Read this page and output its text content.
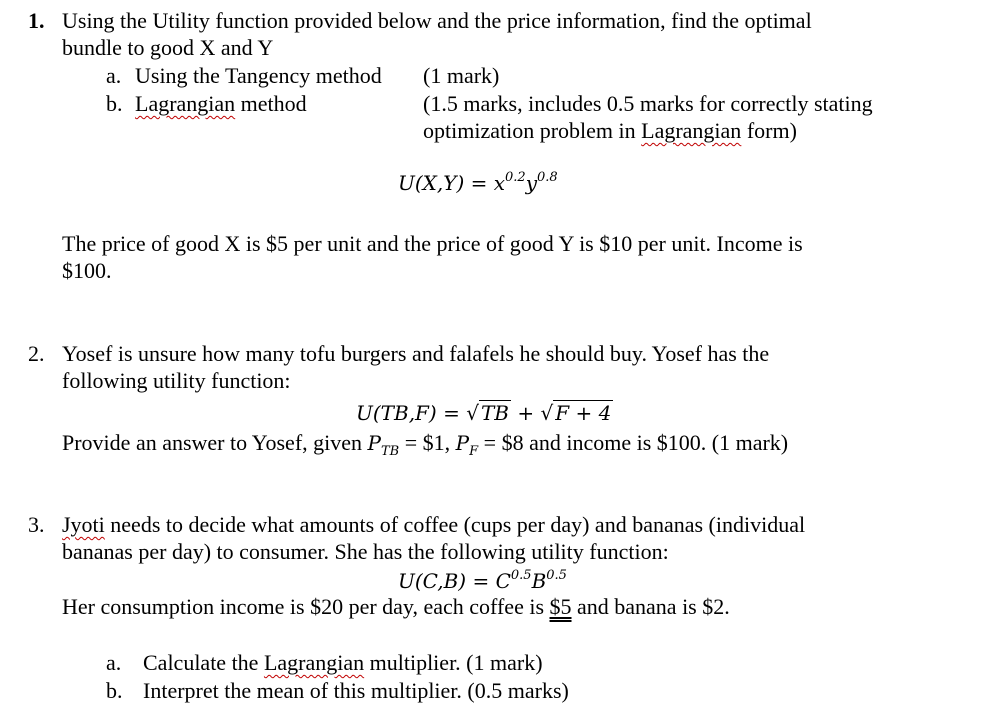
1. Using the Utility function provided below and the price information, find the optimal
bundle to good X and Y
a. Using the Tangency method (1 mark)
b. Lagrangian method	(1.5 marks, includes 0.5 marks for correctly stating
optimization problem in Lagrangian form)
$U(X,Y) = x^{0.2}y^{0.8}$
The price of good X is $5 per unit and the price of good Y is $10 per unit. Income is
$100.
2. Yosef is unsure how many tofu burgers and falafels he should buy. Yosef has the
following utility function:
U(TB,F) = √ TB + √ F + 4
Provide an answer to Yosef, given $P_{TB}$ = $1, $P_F$ = $8 and income is $100. (1 mark)
3. Jyoti needs to decide what amounts of coffee (cups per day) and bananas (individual
bananas per day) to consumer. She has the following utility function:
$U(C,B) = C^{0.5}B^{0.5}$
Her consumption income is $20 per day, each coffee is $5 and banana is $2.
a. Calculate the Lagrangian multiplier. (1 mark)
b. Interpret the mean of this multiplier. (0.5 marks)
